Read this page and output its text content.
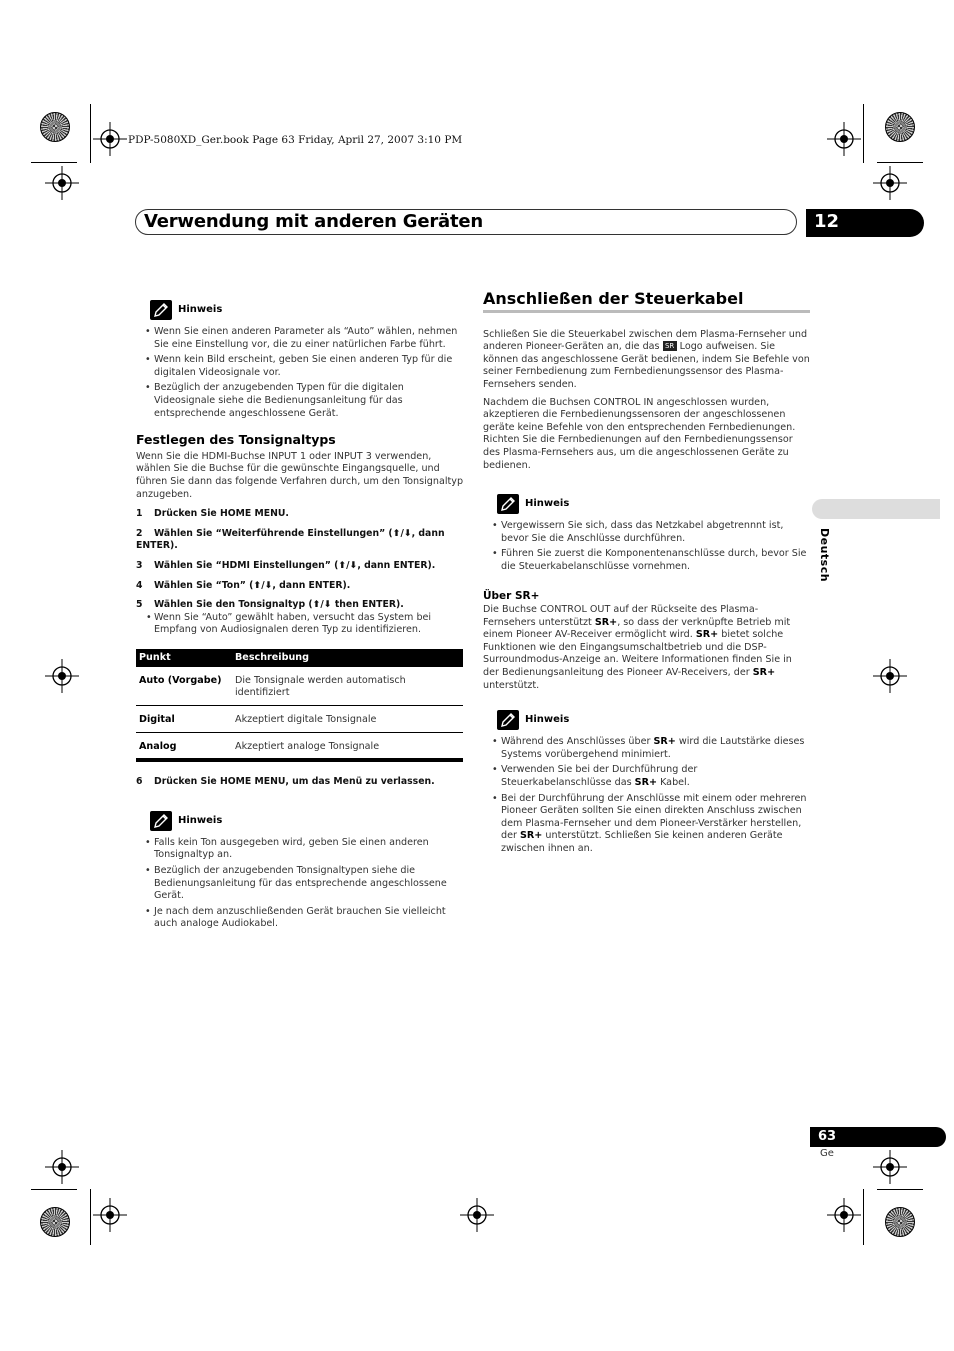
PDP-5080XD_Ger.book Page 63 Friday, April 27, 2007 3:10 PM
Verwendung mit anderen Geräten	12
Hinweis
• Wenn Sie einen anderen Parameter als “Auto” wählen, nehmen Sie eine Einstellung vor, die zu einer natürlichen Farbe führt.
• Wenn kein Bild erscheint, geben Sie einen anderen Typ für die digitalen Videosignale vor.
• Bezüglich der anzugebenden Typen für die digitalen Videosignale siehe die Bedienungsanleitung für das entsprechende angeschlossene Gerät.
Festlegen des Tonsignaltyps

Wenn Sie die HDMI-Buchse INPUT 1 oder INPUT 3 verwenden, wählen Sie die Buchse für die gewünschte Eingangsquelle, und führen Sie dann das folgende Verfahren durch, um den Tonsignaltyp anzugeben.

1 Drücken Sie HOME MENU.
2 Wählen Sie “Weiterführende Einstellungen” (⬆/⬇, dann ENTER).
3 Wählen Sie “HDMI Einstellungen” (⬆/⬇, dann ENTER).
4 Wählen Sie “Ton” (⬆/⬇, dann ENTER).
5 Wählen Sie den Tonsignaltyp (⬆/⬇ then ENTER).

• Wenn Sie “Auto” gewählt haben, versucht das System bei Empfang von Audiosignalen deren Typ zu identifizieren.

Punkt	Beschreibung
Auto (Vorgabe)	Die Tonsignale werden automatisch identifiziert
Digital	Akzeptiert digitale Tonsignale
Analog	Akzeptiert analoge Tonsignale
6 Drücken Sie HOME MENU, um das Menü zu verlassen.
Hinweis
• Falls kein Ton ausgegeben wird, geben Sie einen anderen Tonsignaltyp an.
• Bezüglich der anzugebenden Tonsignaltypen siehe die Bedienungsanleitung für das entsprechende angeschlossene Gerät.
• Je nach dem anzuschließenden Gerät brauchen Sie vielleicht auch analoge Audiokabel.
Anschließen der Steuerkabel

Schließen Sie die Steuerkabel zwischen dem Plasma-Fernseher und anderen Pioneer-Geräten an, die das SR Logo aufweisen. Sie können das angeschlossene Gerät bedienen, indem Sie Befehle von seiner Fernbedienung zum Fernbedienungssensor des Plasma-Fernsehers senden.

Nachdem die Buchsen CONTROL IN angeschlossen wurden, akzeptieren die Fernbedienungssensoren der angeschlossenen geräte keine Befehle von den entsprechenden Fernbedienungen. Richten Sie die Fernbedienungen auf den Fernbedienungssensor des Plasma-Fernsehers aus, um die angeschlossenen Geräte zu bedienen.

Hinweis
• Vergewissern Sie sich, dass das Netzkabel abgetrennnt ist, bevor Sie die Anschlüsse durchführen.
• Führen Sie zuerst die Komponentenanschlüsse durch, bevor Sie die Steuerkabelanschlüsse vornehmen.
Über SR+

Die Buchse CONTROL OUT auf der Rückseite des Plasma-Fernsehers unterstützt SR+, so dass der verknüpfte Betrieb mit einem Pioneer AV-Receiver ermöglicht wird. SR+ bietet solche Funktionen wie den Eingangsumschaltbetrieb und die DSP-Surroundmodus-Anzeige an. Weitere Informationen finden Sie in der Bedienungsanleitung des Pioneer AV-Receivers, der SR+ unterstützt.

Hinweis
• Während des Anschlüsses über SR+ wird die Lautstärke dieses Systems vorübergehend minimiert.
• Verwenden Sie bei der Durchführung der Steuerkabelanschlüsse das SR+ Kabel.
• Bei der Durchführung der Anschlüsse mit einem oder mehreren Pioneer Geräten sollten Sie einen direkten Anschluss zwischen dem Plasma-Fernseher und dem Pioneer-Verstärker herstellen, der SR+ unterstützt. Schließen Sie keinen anderen Geräte zwischen ihnen an.
Deutsch
63
Ge
